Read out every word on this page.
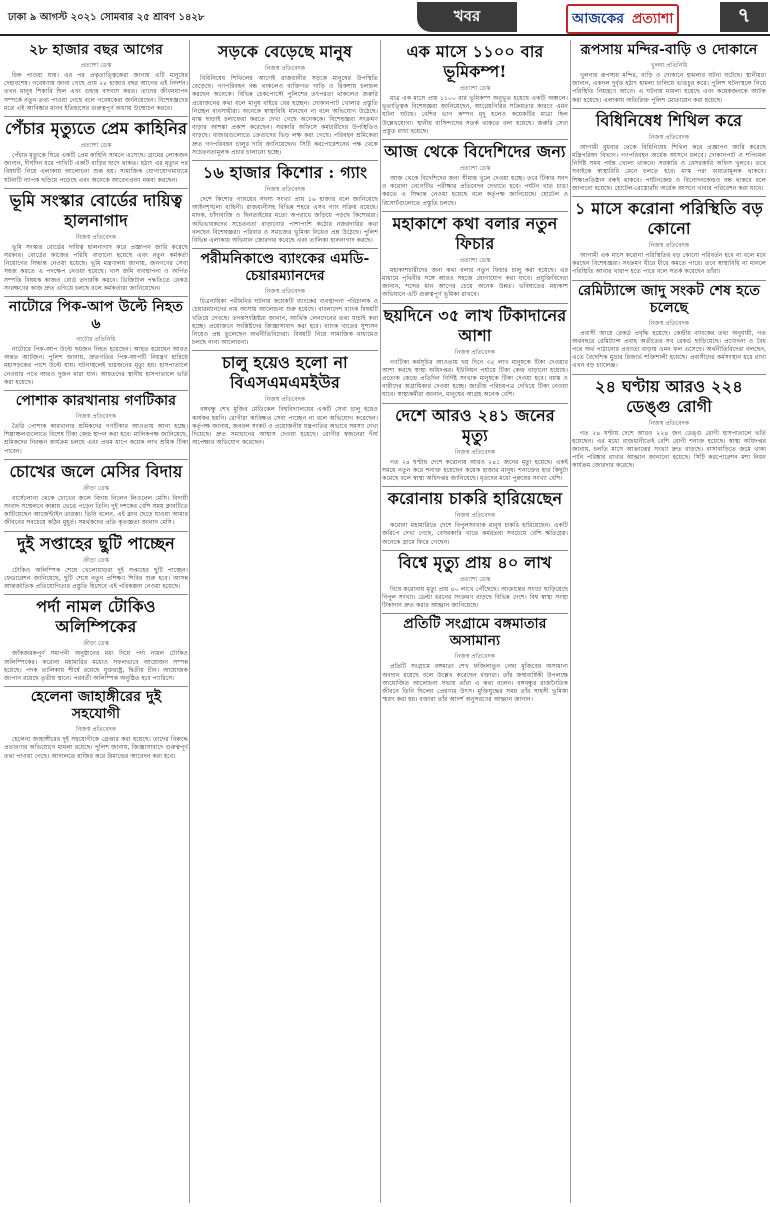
ঢাকা ৯ আগস্ট ২০২১ সোমবার ২৫ শ্রাবণ ১৪২৮	খবর	আজকের প্রত্যাশা	৭
২৮ হাজার বছর আগের
প্রত্যাশা ডেস্ক
চিহ্ন পাওয়া যায়। এর পর প্রত্নতাত্ত্বিকেরা জানায় এটি মানুষের দেহাবশেষ। গবেষণায় জানা গেছে প্রায় ২৮ হাজার বছর আগের এই নিদর্শন। তখন মানুষ শিকারি ছিল এবং গুহায় বসবাস করত। তাদের জীবনযাপন সম্পর্কে নতুন তথ্য পাওয়া গেছে বলে গবেষকেরা জানিয়েছেন। বিশেষজ্ঞদের মতে এই আবিষ্কার মানব ইতিহাসের গুরুত্বপূর্ণ অধ্যায় উন্মোচন করবে।
পেঁচার মৃত্যুতে প্রেম কাহিনির
প্রত্যাশা ডেস্ক
পেঁচার মৃত্যুকে ঘিরে একটি প্রেম কাহিনি সামনে এসেছে। গ্রামের লোকজন জানান, দীর্ঘদিন ধরে পাখিটি একটি বাড়ির ছাদে থাকত। হঠাৎ এর মৃত্যুর পর বিষয়টি নিয়ে এলাকায় আলোচনা শুরু হয়। সামাজিক যোগাযোগমাধ্যমে ঘটনাটি ব্যাপক ছড়িয়ে পড়েছে এবং অনেকে আবেগপ্রবণ মন্তব্য করছেন।
ভূমি সংস্কার বোর্ডের দায়িত্ব হালনাগাদ
নিজস্ব প্রতিবেদক
ভূমি সংস্কার বোর্ডের দায়িত্ব হালনাগাদ করে প্রজ্ঞাপন জারি করেছে সরকার। বোর্ডের কাজের পরিধি বাড়ানো হয়েছে এবং নতুন কর্মকর্তা নিয়োগের সিদ্ধান্ত নেওয়া হয়েছে। ভূমি মন্ত্রণালয় জানায়, জনগণের সেবা সহজ করতে এ পদক্ষেপ নেওয়া হয়েছে। খাস জমি ব্যবস্থাপনা ও অর্পিত সম্পত্তি বিষয়ক কাজও বোর্ড তদারকি করবে। ডিজিটাল পদ্ধতিতে রেকর্ড সংরক্ষণের কাজ দ্রুত এগিয়ে চলছে বলে কর্মকর্তারা জানিয়েছেন।
নাটোরে পিক-আপ উল্টে নিহত ৬
নাটোর প্রতিনিধি
নাটোরে পিক-আপ উল্টে ছয়জন নিহত হয়েছেন। আহত হয়েছেন আরও অন্তত আটজন। পুলিশ জানায়, দ্রুতগতির পিক-আপটি নিয়ন্ত্রণ হারিয়ে মহাসড়কের পাশে উল্টে যায়। ঘটনাস্থলেই চারজনের মৃত্যু হয়। হাসপাতালে নেওয়ার পথে আরও দুজন মারা যান। আহতদের স্থানীয় হাসপাতালে ভর্তি করা হয়েছে।
পোশাক কারখানায় গণটিকার
নিজস্ব প্রতিবেদক
তৈরি পোশাক কারখানার শ্রমিকদের গণটিকার আওতায় আনা হচ্ছে। শিল্পাঞ্চলগুলোতে বিশেষ টিকা কেন্দ্র স্থাপন করা হবে। মালিকপক্ষ জানিয়েছে, শ্রমিকদের নিবন্ধন কার্যক্রম চলছে এবং প্রথম ধাপে কয়েক লাখ শ্রমিক টিকা পাবেন।
চোখের জলে মেসির বিদায়
ক্রীড়া ডেস্ক
বার্সেলোনা থেকে চোখের জলে বিদায় নিলেন লিওনেল মেসি। বিদায়ী সংবাদ সম্মেলনে কান্নায় ভেঙে পড়েন তিনি। দুই দশকের বেশি সময় ক্লাবটিতে কাটিয়েছেন আর্জেন্টাইন তারকা। তিনি বলেন, এই ক্লাব ছেড়ে যাওয়া আমার জীবনের সবচেয়ে কঠিন মুহূর্ত। সমর্থকদের প্রতি কৃতজ্ঞতা জানান মেসি।
দুই সপ্তাহের ছুটি পাচ্ছেন
ক্রীড়া ডেস্ক
টোকিও অলিম্পিক শেষে খেলোয়াড়রা দুই সপ্তাহের ছুটি পাচ্ছেন। ফেডারেশন জানিয়েছে, ছুটি শেষে নতুন প্রশিক্ষণ শিবির শুরু হবে। আসন্ন আন্তর্জাতিক প্রতিযোগিতার প্রস্তুতি হিসেবে এই পরিকল্পনা নেওয়া হয়েছে।
পর্দা নামল টোকিও অলিম্পিকের
ক্রীড়া ডেস্ক
জাঁকজমকপূর্ণ সমাপনী অনুষ্ঠানের মধ্য দিয়ে পর্দা নামল টোকিও অলিম্পিকের। করোনা মহামারির মধ্যেও সফলভাবে আয়োজন সম্পন্ন হয়েছে। পদক তালিকায় শীর্ষে রয়েছে যুক্তরাষ্ট্র, দ্বিতীয় চীন। আয়োজক জাপান রয়েছে তৃতীয় স্থানে। পরবর্তী অলিম্পিক অনুষ্ঠিত হবে প্যারিসে।
হেলেনা জাহাঙ্গীরের দুই সহযোগী
নিজস্ব প্রতিবেদক
হেলেনা জাহাঙ্গীরের দুই সহযোগীকে গ্রেপ্তার করা হয়েছে। তাদের বিরুদ্ধে প্রতারণার অভিযোগে মামলা রয়েছে। পুলিশ জানায়, জিজ্ঞাসাবাদে গুরুত্বপূর্ণ তথ্য পাওয়া গেছে। আদালতে হাজির করে রিমান্ডের আবেদন করা হবে।
সড়কে বেড়েছে মানুষ
নিজস্ব প্রতিবেদক
বিধিনিষেধ শিথিলের আগেই রাজধানীর সড়কে মানুষের উপস্থিতি বেড়েছে। গণপরিবহন বন্ধ থাকলেও ব্যক্তিগত গাড়ি ও রিকশায় চলাচল করছেন অনেকে। বিভিন্ন চেকপোস্টে পুলিশের তৎপরতা থাকলেও জরুরি প্রয়োজনের কথা বলে মানুষ বাইরে বের হচ্ছেন। দোকানপাট খোলার প্রস্তুতি নিচ্ছেন ব্যবসায়ীরা। অনেকে স্বাস্থ্যবিধি মানছেন না বলে অভিযোগ উঠেছে। মাস্ক ছাড়াই চলাফেরা করতে দেখা গেছে অনেককে। বিশেষজ্ঞরা সংক্রমণ বাড়ার আশঙ্কা প্রকাশ করেছেন। সরকারি অফিসে কর্মচারীদের উপস্থিতিও বাড়ছে। বাজারগুলোতে ক্রেতাদের ভিড় লক্ষ করা গেছে। পরিবহন শ্রমিকেরা দ্রুত গণপরিবহন চালুর দাবি জানিয়েছেন। সিটি করপোরেশনের পক্ষ থেকে সচেতনতামূলক প্রচার চালানো হচ্ছে।
১৬ হাজার কিশোর : গ্যাং
নিজস্ব প্রতিবেদক
দেশে কিশোর গ্যাংয়ের সদস্য সংখ্যা প্রায় ১৬ হাজার বলে জানিয়েছে আইনশৃঙ্খলা বাহিনী। রাজধানীসহ বিভিন্ন শহরে এসব গ্যাং সক্রিয় রয়েছে। মাদক, চাঁদাবাজি ও ছিনতাইয়ের মতো অপরাধে জড়িয়ে পড়ছে কিশোররা। অভিভাবকদের সচেতনতা বাড়ানোর পাশাপাশি কঠোর নজরদারির কথা বলছেন বিশেষজ্ঞরা। পরিবার ও সমাজের ভূমিকা নিয়েও প্রশ্ন উঠেছে। পুলিশ বিভিন্ন এলাকায় অভিযান জোরদার করেছে এবং তালিকা হালনাগাদ করছে।
পরীমনিকাণ্ডে ব্যাংকের এমডি-চেয়ারম্যানদের
নিজস্ব প্রতিবেদক
চিত্রনায়িকা পরীমনির ঘটনায় কয়েকটি ব্যাংকের ব্যবস্থাপনা পরিচালক ও চেয়ারম্যানদের নাম আসায় আলোচনা শুরু হয়েছে। বাংলাদেশ ব্যাংক বিষয়টি খতিয়ে দেখছে। তদন্তসংশ্লিষ্টরা জানান, আর্থিক লেনদেনের তথ্য যাচাই করা হচ্ছে। প্রয়োজনে সংশ্লিষ্টদের জিজ্ঞাসাবাদ করা হবে। ব্যাংক খাতের সুশাসন নিয়েও প্রশ্ন তুলেছেন অর্থনীতিবিদেরা। বিষয়টি নিয়ে সামাজিক মাধ্যমেও চলছে নানা আলোচনা।
চালু হয়েও হলো না বিএসএমএমইউর
নিজস্ব প্রতিবেদক
বঙ্গবন্ধু শেখ মুজিব মেডিকেল বিশ্ববিদ্যালয়ের একটি সেবা চালু হয়েও কার্যকর হয়নি। রোগীরা কাঙ্ক্ষিত সেবা পাচ্ছেন না বলে অভিযোগ করেছেন। কর্তৃপক্ষ জানায়, জনবল সংকট ও প্রয়োজনীয় যন্ত্রপাতির অভাবে সমস্যা দেখা দিয়েছে। দ্রুত সমাধানের আশ্বাস দেওয়া হয়েছে। রোগীর স্বজনেরা দীর্ঘ অপেক্ষার অভিযোগ করেছেন।
এক মাসে ১১০০ বার ভূমিকম্প!
প্রত্যাশা ডেস্ক
মাত্র এক মাসে প্রায় ১১০০ বার ভূমিকম্প অনুভূত হয়েছে একটি অঞ্চলে। ভূতাত্ত্বিক বিশেষজ্ঞরা জানিয়েছেন, আগ্নেয়গিরির সক্রিয়তার কারণে এমন ঘটনা ঘটছে। বেশির ভাগ কম্পন মৃদু হলেও কয়েকটির মাত্রা ছিল উল্লেখযোগ্য। স্থানীয় বাসিন্দাদের সতর্ক থাকতে বলা হয়েছে। জরুরি সেবা প্রস্তুত রাখা হয়েছে।
আজ থেকে বিদেশিদের জন্য
প্রত্যাশা ডেস্ক
আজ থেকে বিদেশিদের জন্য সীমান্ত খুলে দেওয়া হচ্ছে। তবে টিকার সনদ ও করোনা নেগেটিভ পরীক্ষার প্রতিবেদন দেখাতে হবে। পর্যটন খাত চাঙা করতে এ সিদ্ধান্ত নেওয়া হয়েছে বলে কর্তৃপক্ষ জানিয়েছে। হোটেল ও রিসোর্টগুলোতে প্রস্তুতি চলছে।
মহাকাশে কথা বলার নতুন ফিচার
প্রত্যাশা ডেস্ক
মহাকাশচারীদের জন্য কথা বলার নতুন ফিচার চালু করা হয়েছে। এর মাধ্যমে পৃথিবীর সঙ্গে আরও সহজে যোগাযোগ করা যাবে। প্রযুক্তিবিদেরা জানান, শব্দের মান আগের চেয়ে অনেক উন্নত। ভবিষ্যতের মহাকাশ অভিযানে এটি গুরুত্বপূর্ণ ভূমিকা রাখবে।
ছয়দিনে ৩৫ লাখ টিকাদানের আশা
নিজস্ব প্রতিবেদক
গণটিকা কর্মসূচির আওতায় ছয় দিনে ৩৫ লাখ মানুষকে টিকা দেওয়ার আশা করছে স্বাস্থ্য অধিদপ্তর। ইউনিয়ন পর্যায়ে টিকা কেন্দ্র বাড়ানো হয়েছে। প্রত্যেক কেন্দ্রে প্রতিদিন নির্দিষ্ট সংখ্যক মানুষকে টিকা দেওয়া হবে। বয়স্ক ও নারীদের অগ্রাধিকার দেওয়া হচ্ছে। জাতীয় পরিচয়পত্র দেখিয়ে টিকা নেওয়া যাবে। স্বাস্থ্যকর্মীরা জানান, মানুষের আগ্রহ অনেক বেশি।
দেশে আরও ২৪১ জনের মৃত্যু
নিজস্ব প্রতিবেদক
গত ২৪ ঘণ্টায় দেশে করোনায় আরও ২৪১ জনের মৃত্যু হয়েছে। একই সময়ে নতুন করে শনাক্ত হয়েছেন কয়েক হাজার মানুষ। শনাক্তের হার কিছুটা কমেছে বলে স্বাস্থ্য অধিদপ্তর জানিয়েছে। মৃতদের মধ্যে পুরুষের সংখ্যা বেশি।
করোনায় চাকরি হারিয়েছেন
নিজস্ব প্রতিবেদক
করোনা মহামারিতে দেশে বিপুলসংখ্যক মানুষ চাকরি হারিয়েছেন। একটি জরিপে দেখা গেছে, বেসরকারি খাতে কর্মরতরা সবচেয়ে বেশি ক্ষতিগ্রস্ত। অনেকে গ্রামে ফিরে গেছেন।
বিশ্বে মৃত্যু প্রায় ৪০ লাখ
প্রত্যাশা ডেস্ক
বিশ্বে করোনায় মৃত্যু প্রায় ৪০ লাখে পৌঁছেছে। আক্রান্তের সংখ্যা ছাড়িয়েছে বিপুল সংখ্যা। ডেল্টা ধরনের সংক্রমণ বাড়ছে বিভিন্ন দেশে। বিশ্ব স্বাস্থ্য সংস্থা টিকাদান দ্রুত করার আহ্বান জানিয়েছে।
প্রতিটি সংগ্রামে বঙ্গমাতার অসামান্য
নিজস্ব প্রতিবেদক
প্রতিটি সংগ্রামে বঙ্গমাতা শেখ ফজিলাতুন নেছা মুজিবের অসামান্য অবদান রয়েছে বলে উল্লেখ করেছেন বক্তারা। তাঁর জন্মবার্ষিকী উপলক্ষে আয়োজিত আলোচনা সভায় তাঁরা এ কথা বলেন। বঙ্গবন্ধুর রাজনৈতিক জীবনে তিনি ছিলেন প্রেরণার উৎস। মুক্তিযুদ্ধের সময় তাঁর সাহসী ভূমিকা স্মরণ করা হয়। বক্তারা তাঁর আদর্শ অনুসরণের আহ্বান জানান।
রূপসায় মন্দির-বাড়ি ও দোকানে
খুলনা প্রতিনিধি
খুলনার রূপসায় মন্দির, বাড়ি ও দোকানে হামলার ঘটনা ঘটেছে। স্থানীয়রা জানান, একদল দুর্বৃত্ত হঠাৎ হামলা চালিয়ে ভাঙচুর করে। পুলিশ ঘটনাস্থলে গিয়ে পরিস্থিতি নিয়ন্ত্রণে আনে। এ ঘটনায় মামলা হয়েছে এবং কয়েকজনকে আটক করা হয়েছে। এলাকায় অতিরিক্ত পুলিশ মোতায়েন করা হয়েছে।
বিধিনিষেধ শিথিল করে
নিজস্ব প্রতিবেদক
আগামী বুধবার থেকে বিধিনিষেধ শিথিল করে প্রজ্ঞাপন জারি করেছে মন্ত্রিপরিষদ বিভাগ। গণপরিবহন অর্ধেক আসনে চলবে। দোকানপাট ও শপিংমল নির্দিষ্ট সময় পর্যন্ত খোলা থাকবে। সরকারি ও বেসরকারি অফিস খুলবে। তবে সবাইকে স্বাস্থ্যবিধি মেনে চলতে হবে। মাস্ক পরা বাধ্যতামূলক থাকবে। শিক্ষাপ্রতিষ্ঠান বন্ধই থাকবে। পর্যটনকেন্দ্র ও বিনোদনকেন্দ্রও বন্ধ থাকবে বলে জানানো হয়েছে। হোটেল-রেস্তোরাঁয় অর্ধেক আসনে খাবার পরিবেশন করা যাবে।
১ মাসে করোনা পরিস্থিতি বড় কোনো
নিজস্ব প্রতিবেদক
আগামী এক মাসে করোনা পরিস্থিতির বড় কোনো পরিবর্তন হবে না বলে মনে করছেন বিশেষজ্ঞরা। সংক্রমণ ধীরে ধীরে কমতে পারে। তবে স্বাস্থ্যবিধি না মানলে পরিস্থিতি আবার খারাপ হতে পারে বলে সতর্ক করেছেন তাঁরা।
রেমিট্যান্সে জাদু সংকট শেষ হতে চলেছে
নিজস্ব প্রতিবেদক
প্রবাসী আয়ে রেকর্ড প্রবৃদ্ধি হয়েছে। কেন্দ্রীয় ব্যাংকের তথ্য অনুযায়ী, গত অর্থবছরে রেমিট্যান্স প্রবাহ অতীতের সব রেকর্ড ছাড়িয়েছে। প্রণোদনা ও বৈধ পথে অর্থ পাঠানোর প্রবণতা বাড়ায় এমন ফল এসেছে। অর্থনীতিবিদেরা বলছেন, এতে বৈদেশিক মুদ্রার রিজার্ভ শক্তিশালী হয়েছে। প্রবাসীদের কর্মসংস্থান ধরে রাখা এখন বড় চ্যালেঞ্জ।
২৪ ঘণ্টায় আরও ২২৪ ডেঙ্গু রোগী
নিজস্ব প্রতিবেদক
গত ২৪ ঘণ্টায় দেশে আরও ২২৪ জন ডেঙ্গু রোগী হাসপাতালে ভর্তি হয়েছেন। এর মধ্যে রাজধানীতেই বেশি রোগী শনাক্ত হয়েছে। স্বাস্থ্য অধিদপ্তর জানায়, চলতি মাসে আক্রান্তের সংখ্যা দ্রুত বাড়ছে। বাসাবাড়িতে জমে থাকা পানি পরিষ্কার রাখার আহ্বান জানানো হয়েছে। সিটি করপোরেশন মশা নিধন কার্যক্রম জোরদার করেছে।
